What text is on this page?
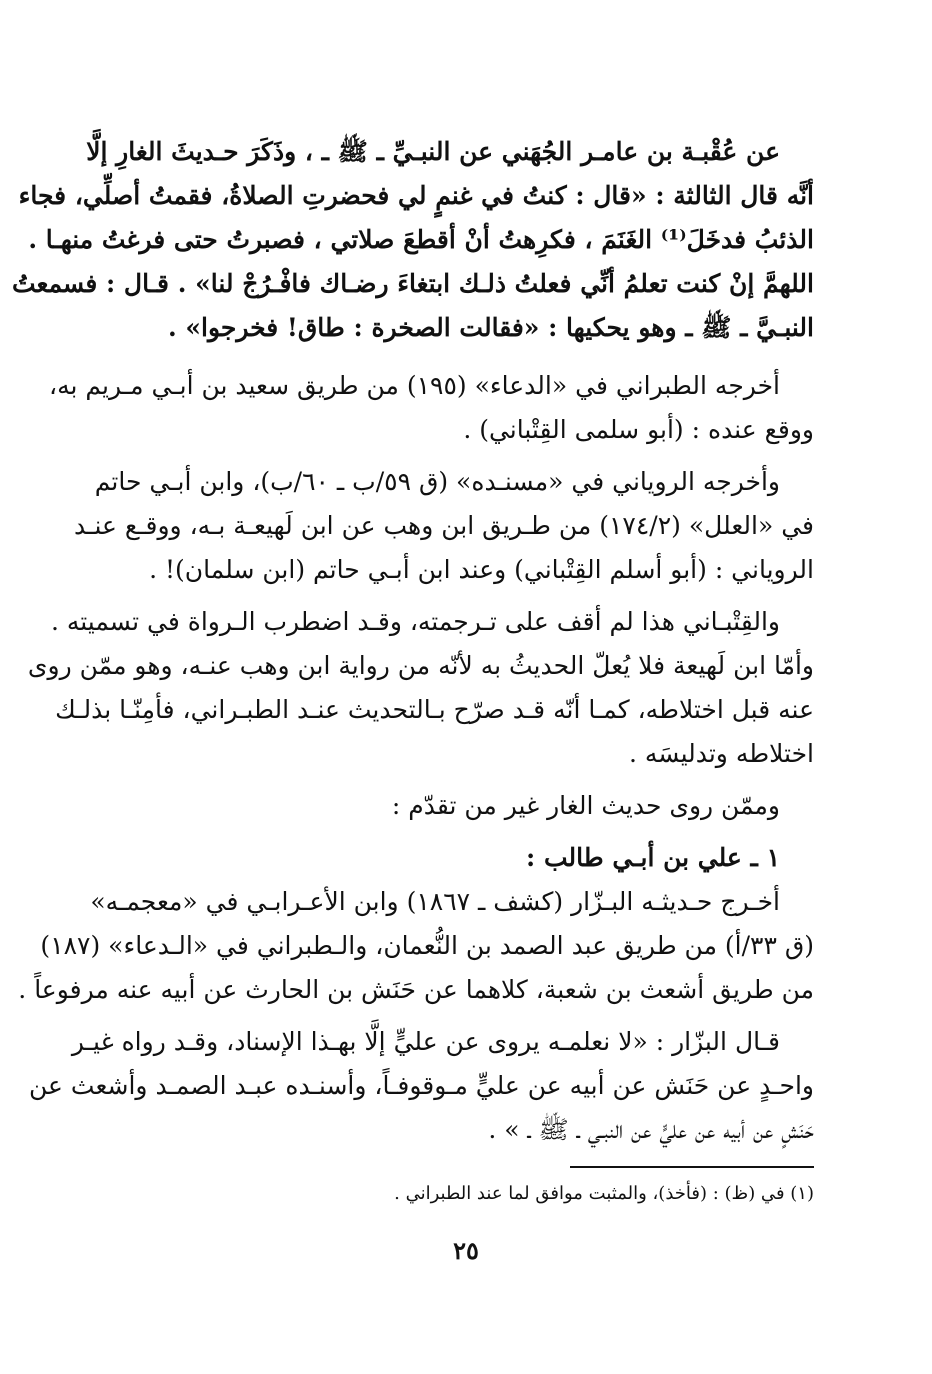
عن عُقْبـة بن عامـر الجُهَني عن النبـيِّ ـ ﷺ ـ ، وذَكَرَ حـديثَ الغارِ إلَّا
أنَّه قال الثالثة : «قال : كنتُ في غنمٍ لي فحضرتِ الصلاةُ، فقمتُ أصلِّي، فجاء
الذئبُ فدخَلَ⁽¹⁾ الغَنَمَ ، فكرِهتُ أنْ أقطعَ صلاتي ، فصبرتُ حتى فرغتُ منهـا .
اللهمَّ إنْ كنت تعلمُ أنِّي فعلتُ ذلـك ابتغاءَ رضـاك فافْـرُجْ لنا» . قـال : فسمعتُ
النبـيَّ ـ ﷺ ـ وهو يحكيها : «فقالت الصخرة : طاق! فخرجوا» .
أخرجه الطبراني في «الدعاء» (١٩٥) من طريق سعيد بن أبـي مـريم به،
ووقع عنده : (أبو سلمى القِتْباني) .
وأخرجه الروياني في «مسنـده» (ق ٥٩/ب ـ ٦٠/ب)، وابن أبـي حاتم
في «العلل» (١٧٤/٢) من طـريق ابن وهب عن ابن لَهيعـة بـه، ووقـع عنـد
الروياني : (أبو أسلم القِتْباني) وعند ابن أبـي حاتم (ابن سلمان)! .
والقِتْبـاني هذا لم أقف على تـرجمته، وقـد اضطرب الـرواة في تسميته .
وأمّا ابن لَهيعة فلا يُعلّ الحديثُ به لأنّه من رواية ابن وهب عنـه، وهو ممّن روى
عنه قبل اختلاطه، كمـا أنّه قـد صرّح بـالتحديث عنـد الطبـراني، فأمِنّـا بذلـك
اختلاطه وتدليسَه .
وممّن روى حديث الغار غير من تقدّم :
١ ـ علي بن أبـي طالب :
أخـرج حـديثـه البـزّار (كشف ـ ١٨٦٧) وابن الأعـرابـي في «معجمـه»
(ق ٣٣/أ) من طريق عبد الصمد بن النُّعمان، والـطبراني في «الـدعاء» (١٨٧)
من طريق أشعث بن شعبة، كلاهما عن حَنَش بن الحارث عن أبيه عنه مرفوعاً .
قـال البزّار : «لا نعلمـه يروى عن عليٍّ إلَّا بهـذا الإسناد، وقـد رواه غيـر
واحـدٍ عن حَنَش عن أبيه عن عليٍّ مـوقوفـاً، وأسنـده عبـد الصمـد وأشعث عن
حَنَشٍ عن أبيه عن عليٍّ عن النبـي ـ ﷺ ـ » .
(١) في (ظ) : (فأخذ)، والمثبت موافق لما عند الطبراني .
٢٥
